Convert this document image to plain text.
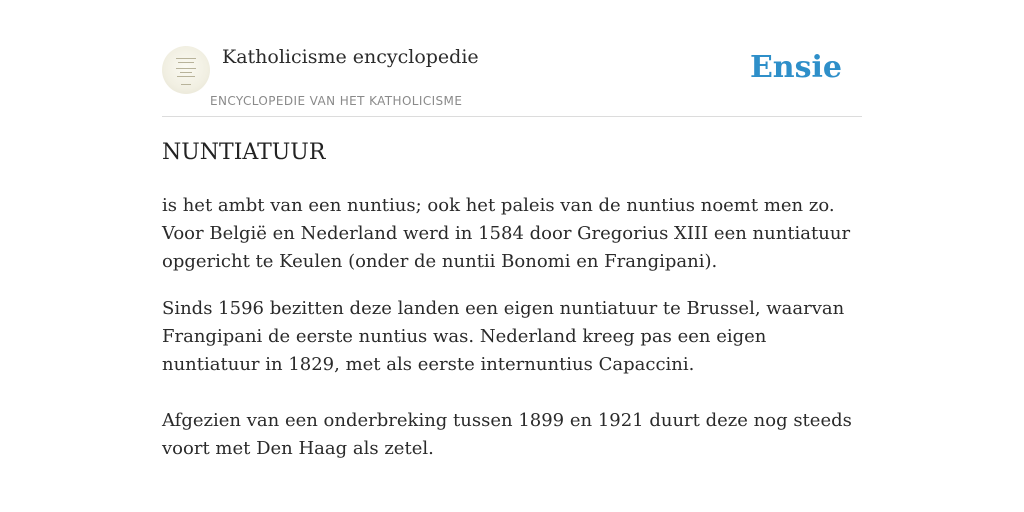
Katholicisme encyclopedie
ENCYCLOPEDIE VAN HET KATHOLICISME
Ensie
NUNTIATUUR

is het ambt van een nuntius; ook het paleis van de nuntius noemt men zo. Voor België en Nederland werd in 1584 door Gregorius XIII een nuntiatuur opgericht te Keulen (onder de nuntii Bonomi en Frangipani).

Sinds 1596 bezitten deze landen een eigen nuntiatuur te Brussel, waarvan Frangipani de eerste nuntius was. Nederland kreeg pas een eigen nuntiatuur in 1829, met als eerste internuntius Capaccini.

Afgezien van een onderbreking tussen 1899 en 1921 duurt deze nog steeds voort met Den Haag als zetel.
